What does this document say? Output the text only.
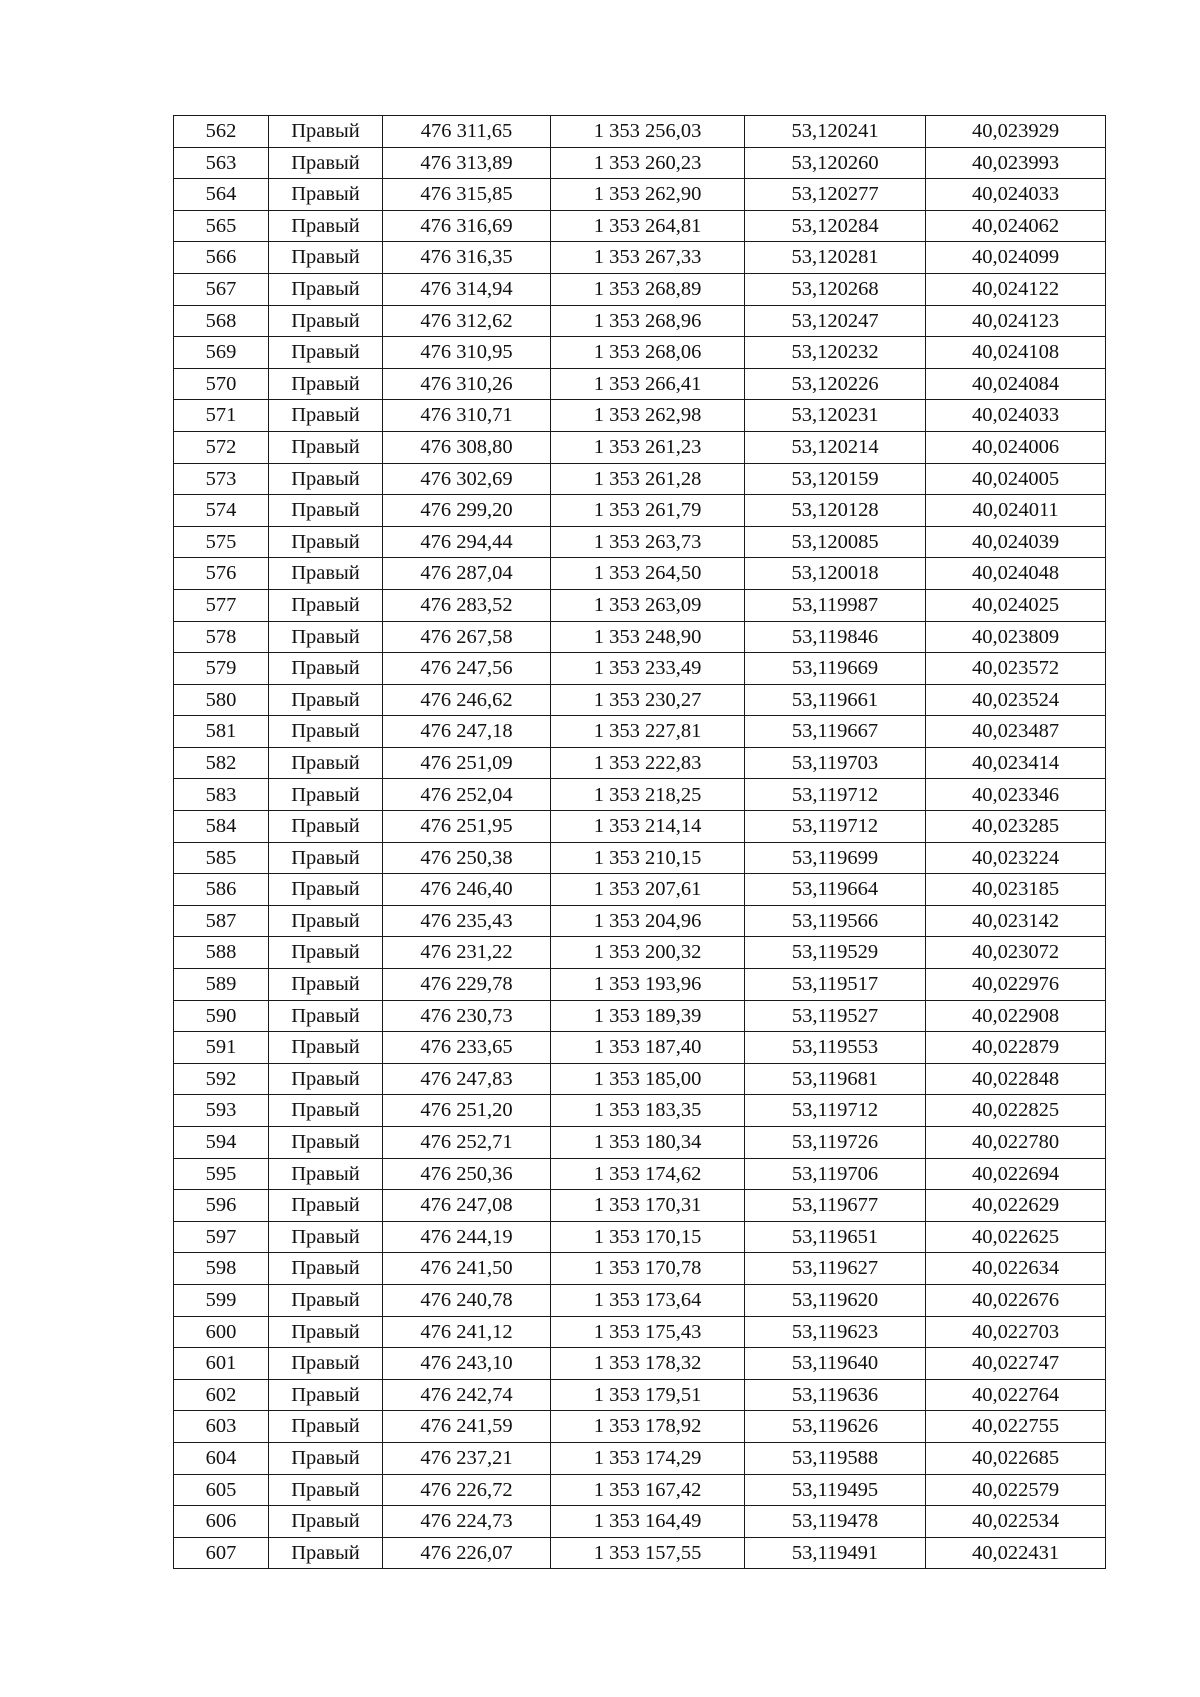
562	Правый	476 311,65	1 353 256,03	53,120241	40,023929
563	Правый	476 313,89	1 353 260,23	53,120260	40,023993
564	Правый	476 315,85	1 353 262,90	53,120277	40,024033
565	Правый	476 316,69	1 353 264,81	53,120284	40,024062
566	Правый	476 316,35	1 353 267,33	53,120281	40,024099
567	Правый	476 314,94	1 353 268,89	53,120268	40,024122
568	Правый	476 312,62	1 353 268,96	53,120247	40,024123
569	Правый	476 310,95	1 353 268,06	53,120232	40,024108
570	Правый	476 310,26	1 353 266,41	53,120226	40,024084
571	Правый	476 310,71	1 353 262,98	53,120231	40,024033
572	Правый	476 308,80	1 353 261,23	53,120214	40,024006
573	Правый	476 302,69	1 353 261,28	53,120159	40,024005
574	Правый	476 299,20	1 353 261,79	53,120128	40,024011
575	Правый	476 294,44	1 353 263,73	53,120085	40,024039
576	Правый	476 287,04	1 353 264,50	53,120018	40,024048
577	Правый	476 283,52	1 353 263,09	53,119987	40,024025
578	Правый	476 267,58	1 353 248,90	53,119846	40,023809
579	Правый	476 247,56	1 353 233,49	53,119669	40,023572
580	Правый	476 246,62	1 353 230,27	53,119661	40,023524
581	Правый	476 247,18	1 353 227,81	53,119667	40,023487
582	Правый	476 251,09	1 353 222,83	53,119703	40,023414
583	Правый	476 252,04	1 353 218,25	53,119712	40,023346
584	Правый	476 251,95	1 353 214,14	53,119712	40,023285
585	Правый	476 250,38	1 353 210,15	53,119699	40,023224
586	Правый	476 246,40	1 353 207,61	53,119664	40,023185
587	Правый	476 235,43	1 353 204,96	53,119566	40,023142
588	Правый	476 231,22	1 353 200,32	53,119529	40,023072
589	Правый	476 229,78	1 353 193,96	53,119517	40,022976
590	Правый	476 230,73	1 353 189,39	53,119527	40,022908
591	Правый	476 233,65	1 353 187,40	53,119553	40,022879
592	Правый	476 247,83	1 353 185,00	53,119681	40,022848
593	Правый	476 251,20	1 353 183,35	53,119712	40,022825
594	Правый	476 252,71	1 353 180,34	53,119726	40,022780
595	Правый	476 250,36	1 353 174,62	53,119706	40,022694
596	Правый	476 247,08	1 353 170,31	53,119677	40,022629
597	Правый	476 244,19	1 353 170,15	53,119651	40,022625
598	Правый	476 241,50	1 353 170,78	53,119627	40,022634
599	Правый	476 240,78	1 353 173,64	53,119620	40,022676
600	Правый	476 241,12	1 353 175,43	53,119623	40,022703
601	Правый	476 243,10	1 353 178,32	53,119640	40,022747
602	Правый	476 242,74	1 353 179,51	53,119636	40,022764
603	Правый	476 241,59	1 353 178,92	53,119626	40,022755
604	Правый	476 237,21	1 353 174,29	53,119588	40,022685
605	Правый	476 226,72	1 353 167,42	53,119495	40,022579
606	Правый	476 224,73	1 353 164,49	53,119478	40,022534
607	Правый	476 226,07	1 353 157,55	53,119491	40,022431
